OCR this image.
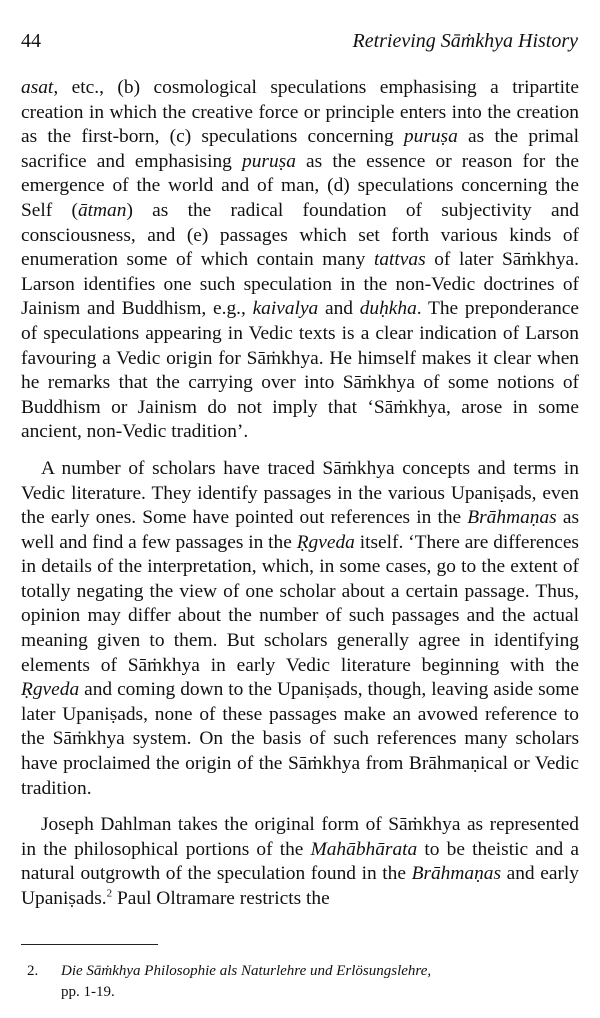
44	Retrieving Sāṁkhya History

asat, etc., (b) cosmological speculations emphasising a tripartite creation in which the creative force or principle enters into the creation as the first-born, (c) speculations concerning puruṣa as the primal sacrifice and emphasising puruṣa as the essence or reason for the emergence of the world and of man, (d) speculations concerning the Self (ātman) as the radical foundation of subjectivity and consciousness, and (e) passages which set forth various kinds of enumeration some of which contain many tattvas of later Sāṁkhya. Larson identifies one such speculation in the non-Vedic doctrines of Jainism and Buddhism, e.g., kaivalya and duḥkha. The preponderance of speculations appearing in Vedic texts is a clear indication of Larson favouring a Vedic origin for Sāṁkhya. He himself makes it clear when he remarks that the carrying over into Sāṁkhya of some notions of Buddhism or Jainism do not imply that ‘Sāṁkhya, arose in some ancient, non-Vedic tradition’.

A number of scholars have traced Sāṁkhya concepts and terms in Vedic literature. They identify passages in the various Upaniṣads, even the early ones. Some have pointed out references in the Brāhmaṇas as well and find a few passages in the Ṛgveda itself. ‘There are differences in details of the interpretation, which, in some cases, go to the extent of totally negating the view of one scholar about a certain passage. Thus, opinion may differ about the number of such passages and the actual meaning given to them. But scholars generally agree in identifying elements of Sāṁkhya in early Vedic literature beginning with the Ṛgveda and coming down to the Upaniṣads, though, leaving aside some later Upaniṣads, none of these passages make an avowed reference to the Sāṁkhya system. On the basis of such references many scholars have proclaimed the origin of the Sāṁkhya from Brāhmaṇical or Vedic tradition.

Joseph Dahlman takes the original form of Sāṁkhya as represented in the philosophical portions of the Mahābhārata to be theistic and a natural outgrowth of the speculation found in the Brāhmaṇas and early Upaniṣads.$^2$ Paul Oltramare restricts the

2. Die Sāṁkhya Philosophie als Naturlehre und Erlösungslehre,
pp. 1-19.
